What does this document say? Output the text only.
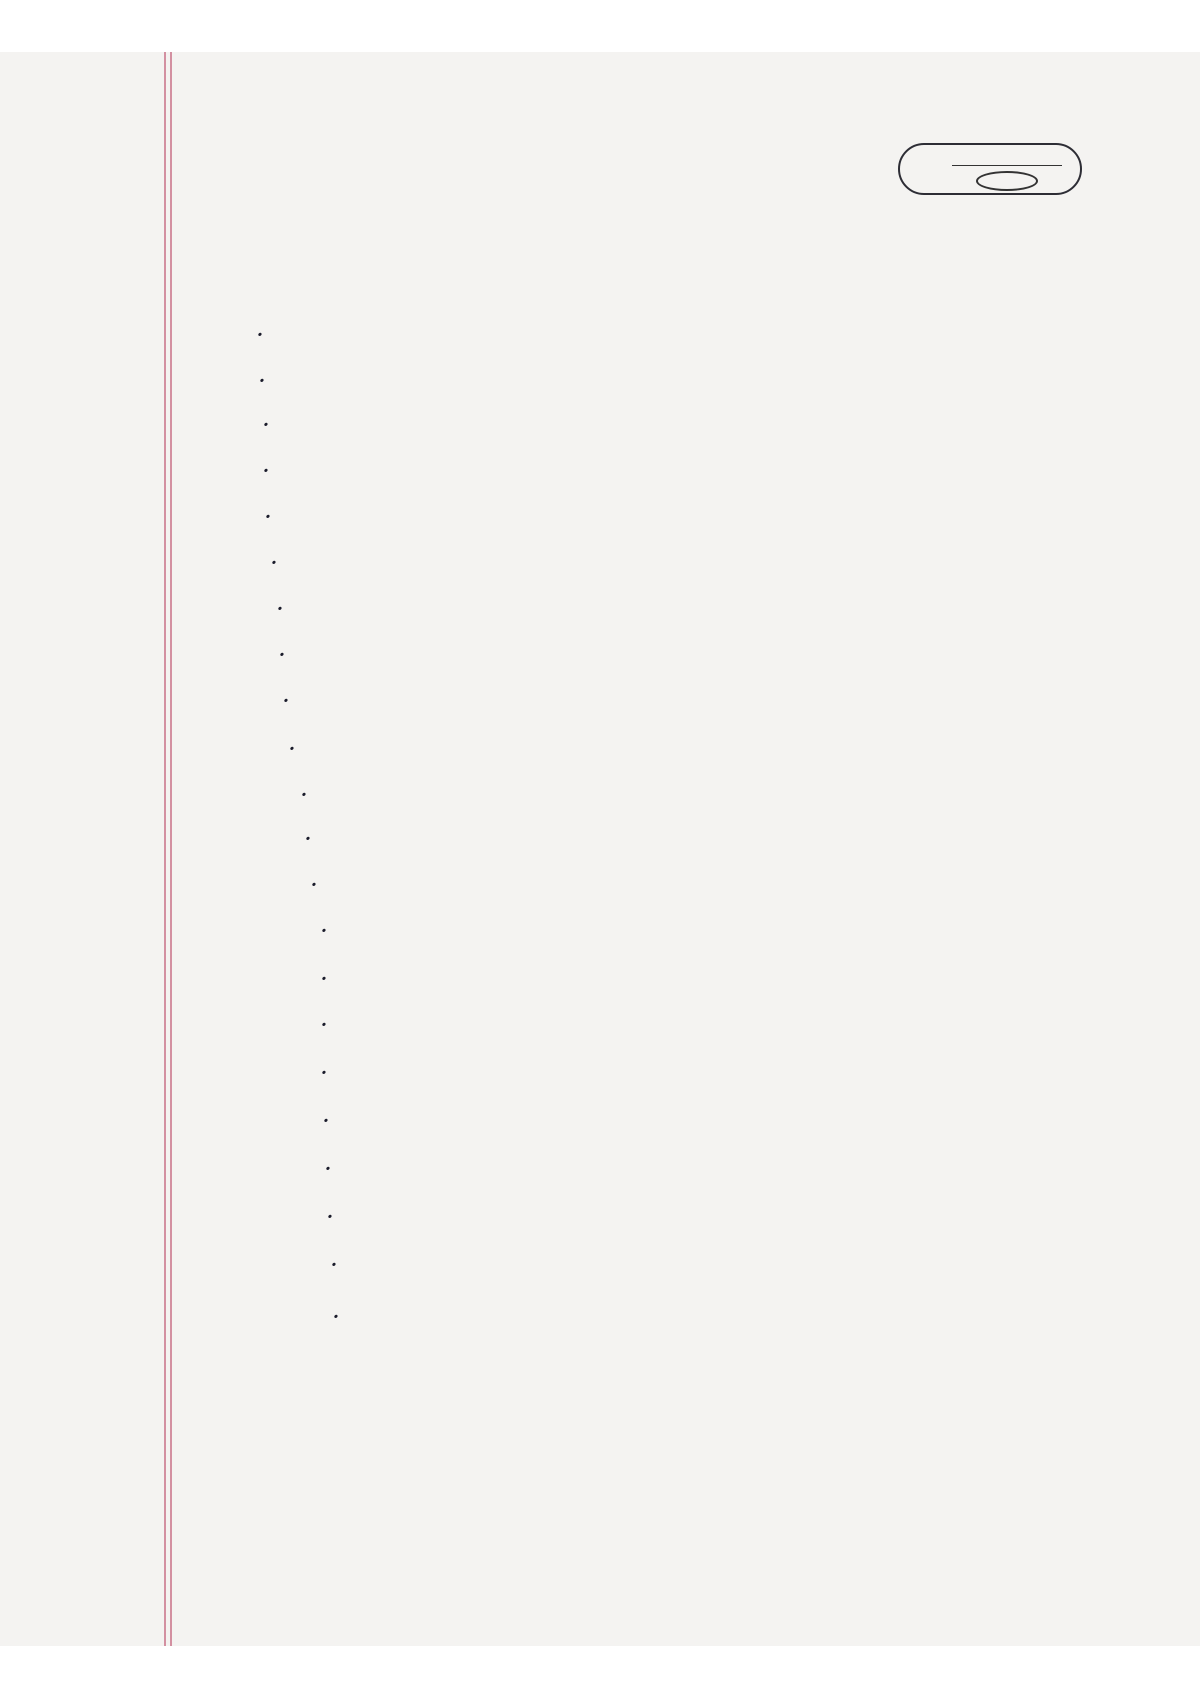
·
·
·
·
·
·
·
·
·
·
·
·
·
·
·
·
·
·
·
·
·
·
